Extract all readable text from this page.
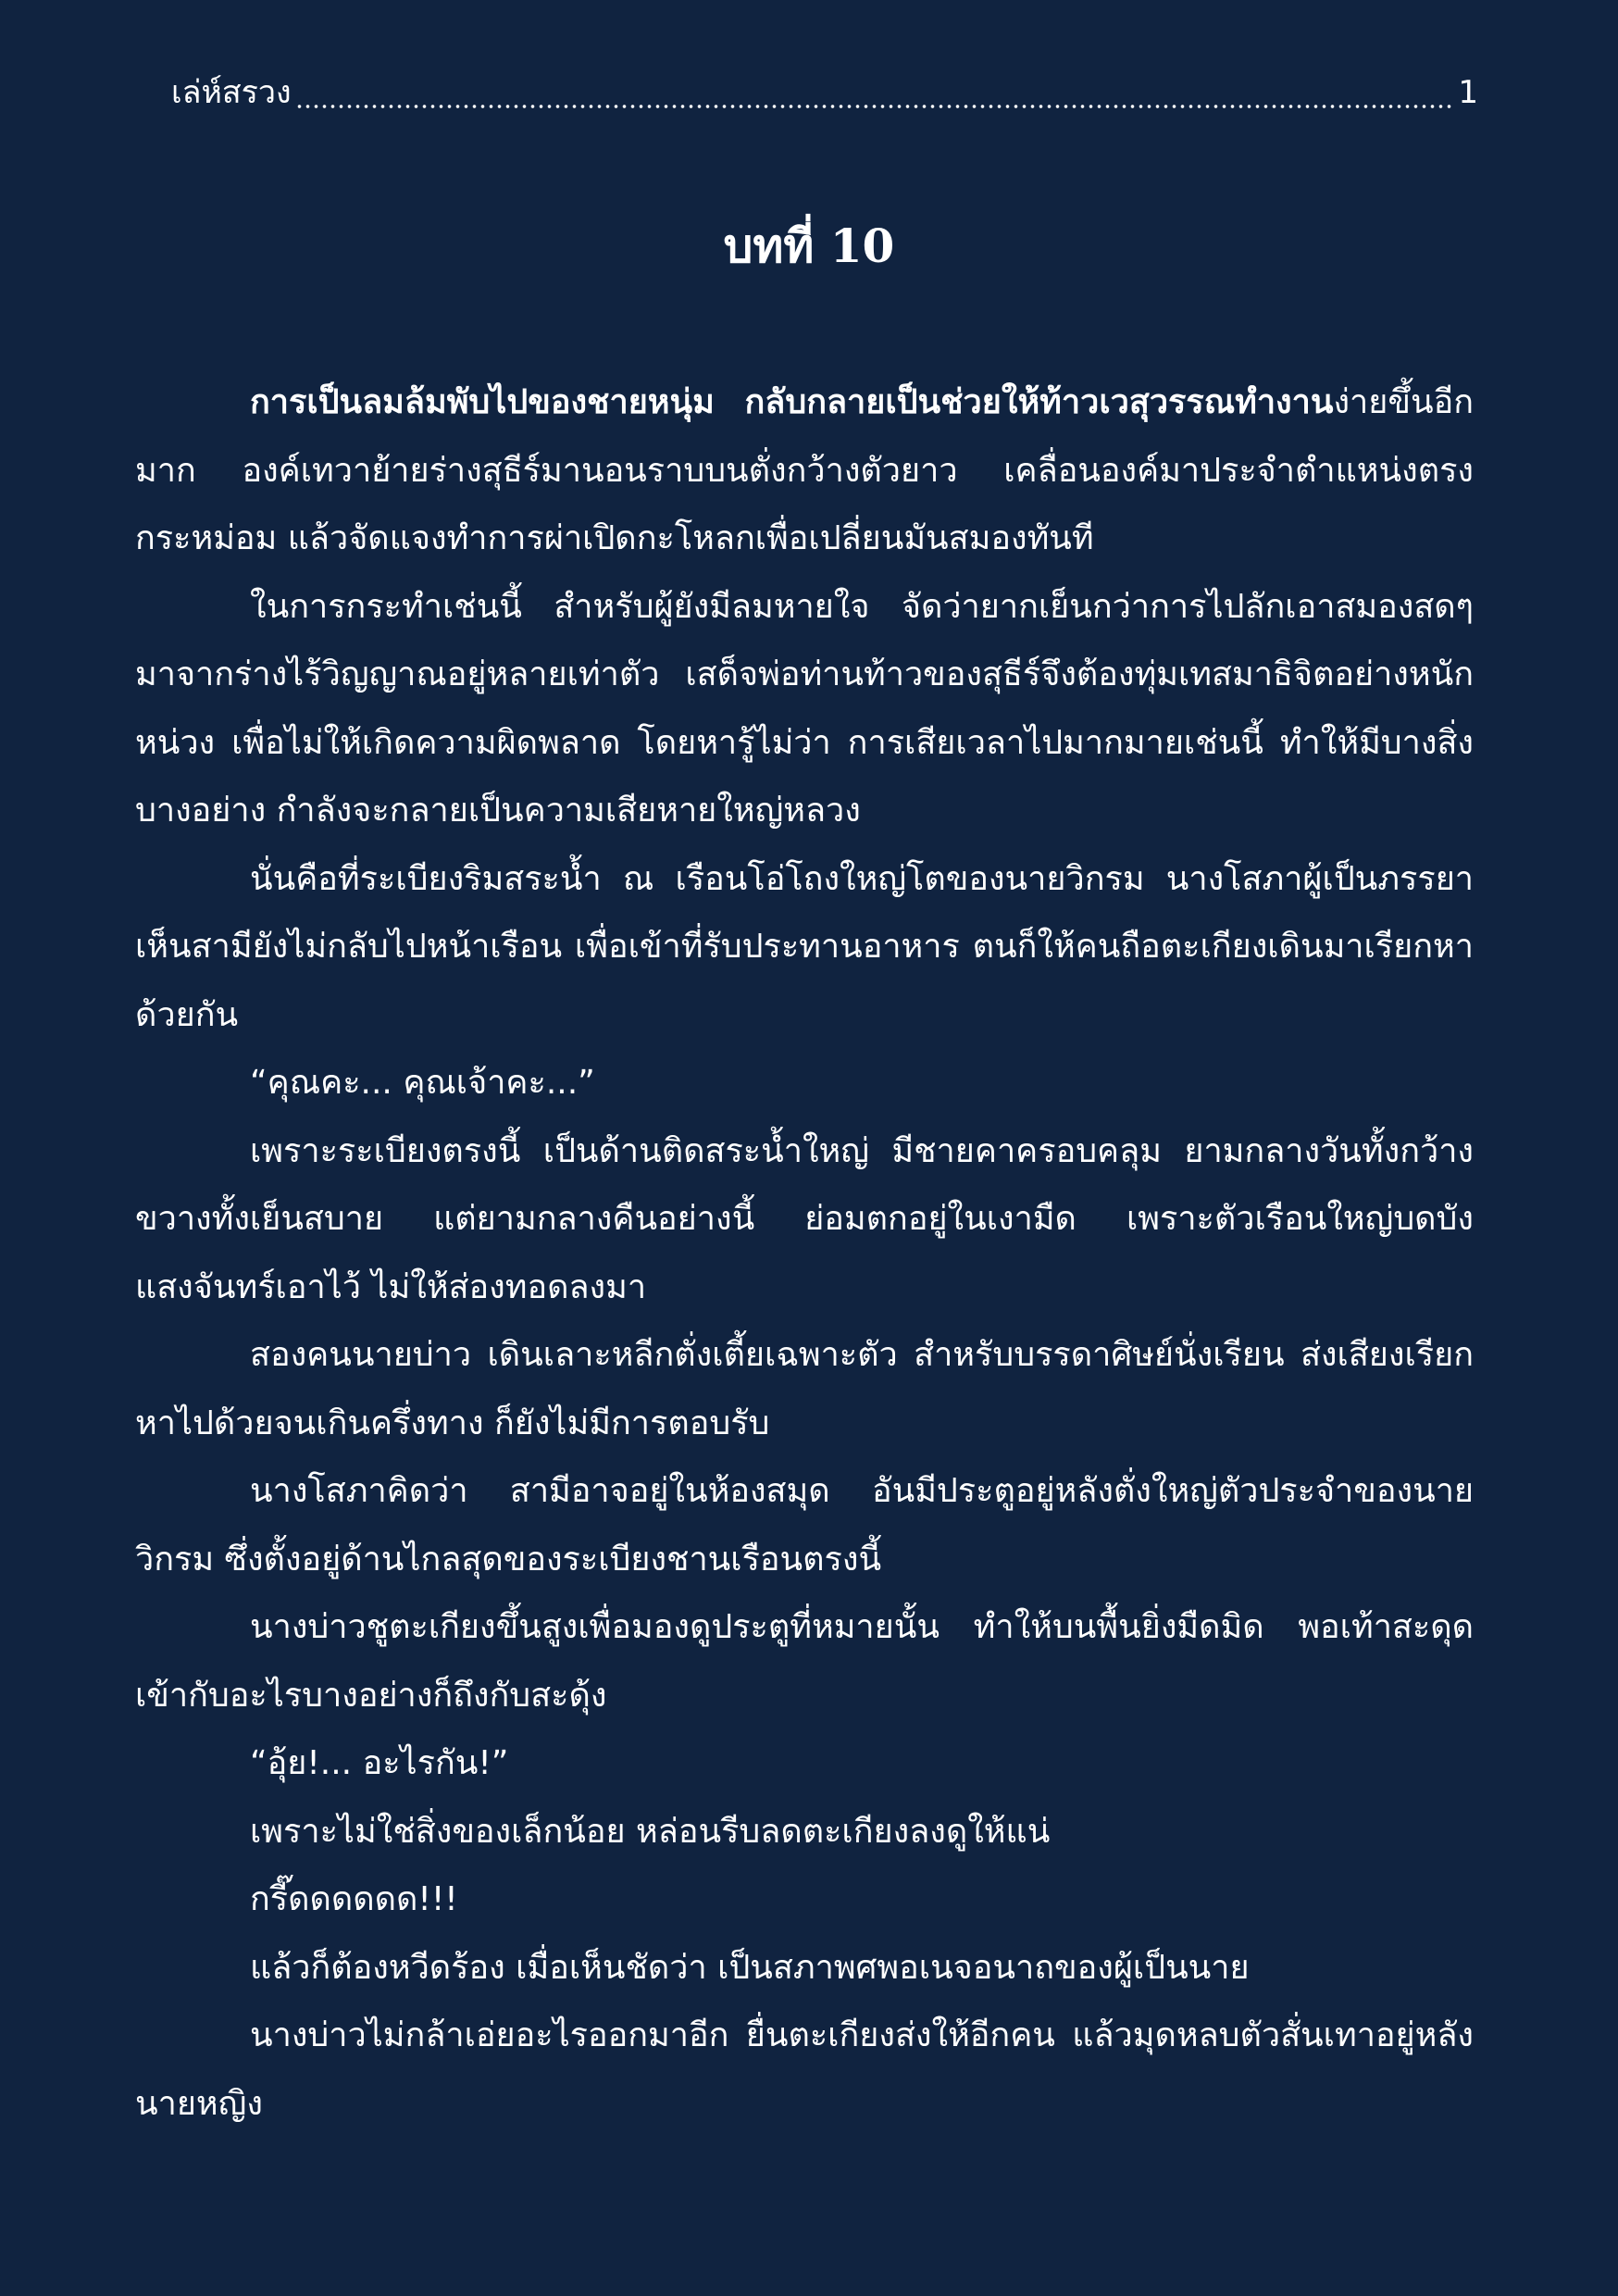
เล่ห์สรวง	1
บทที่ 10

การเป็นลมล้มพับไปของชายหนุ่ม กลับกลายเป็นช่วยให้ท้าวเวสุวรรณทำงานง่ายขึ้นอีกมาก องค์เทวาย้ายร่างสุธีร์มานอนราบบนตั่งกว้างตัวยาว เคลื่อนองค์มาประจำตำแหน่งตรงกระหม่อม แล้วจัดแจงทำการผ่าเปิดกะโหลกเพื่อเปลี่ยนมันสมองทันที

ในการกระทำเช่นนี้ สำหรับผู้ยังมีลมหายใจ จัดว่ายากเย็นกว่าการไปลักเอาสมองสดๆ มาจากร่างไร้วิญญาณอยู่หลายเท่าตัว เสด็จพ่อท่านท้าวของสุธีร์จึงต้องทุ่มเทสมาธิจิตอย่างหนักหน่วง เพื่อไม่ให้เกิดความผิดพลาด โดยหารู้ไม่ว่า การเสียเวลาไปมากมายเช่นนี้ ทำให้มีบางสิ่งบางอย่าง กำลังจะกลายเป็นความเสียหายใหญ่หลวง

นั่นคือที่ระเบียงริมสระน้ำ ณ เรือนโอ่โถงใหญ่โตของนายวิกรม นางโสภาผู้เป็นภรรยา เห็นสามียังไม่กลับไปหน้าเรือน เพื่อเข้าที่รับประทานอาหาร ตนก็ให้คนถือตะเกียงเดินมาเรียกหาด้วยกัน

“คุณคะ... คุณเจ้าคะ...”

เพราะระเบียงตรงนี้ เป็นด้านติดสระน้ำใหญ่ มีชายคาครอบคลุม ยามกลางวันทั้งกว้างขวางทั้งเย็นสบาย แต่ยามกลางคืนอย่างนี้ ย่อมตกอยู่ในเงามืด เพราะตัวเรือนใหญ่บดบังแสงจันทร์เอาไว้ ไม่ให้ส่องทอดลงมา

สองคนนายบ่าว เดินเลาะหลีกตั่งเตี้ยเฉพาะตัว สำหรับบรรดาศิษย์นั่งเรียน ส่งเสียงเรียกหาไปด้วยจนเกินครึ่งทาง ก็ยังไม่มีการตอบรับ

นางโสภาคิดว่า สามีอาจอยู่ในห้องสมุด อันมีประตูอยู่หลังตั่งใหญ่ตัวประจำของนายวิกรม ซึ่งตั้งอยู่ด้านไกลสุดของระเบียงชานเรือนตรงนี้

นางบ่าวชูตะเกียงขึ้นสูงเพื่อมองดูประตูที่หมายนั้น ทำให้บนพื้นยิ่งมืดมิด พอเท้าสะดุดเข้ากับอะไรบางอย่างก็ถึงกับสะดุ้ง

“อุ้ย!... อะไรกัน!”

เพราะไม่ใช่สิ่งของเล็กน้อย หล่อนรีบลดตะเกียงลงดูให้แน่

กรี๊ดดดดดด!!!

แล้วก็ต้องหวีดร้อง เมื่อเห็นชัดว่า เป็นสภาพศพอเนจอนาถของผู้เป็นนาย

นางบ่าวไม่กล้าเอ่ยอะไรออกมาอีก ยื่นตะเกียงส่งให้อีกคน แล้วมุดหลบตัวสั่นเทาอยู่หลังนายหญิง
